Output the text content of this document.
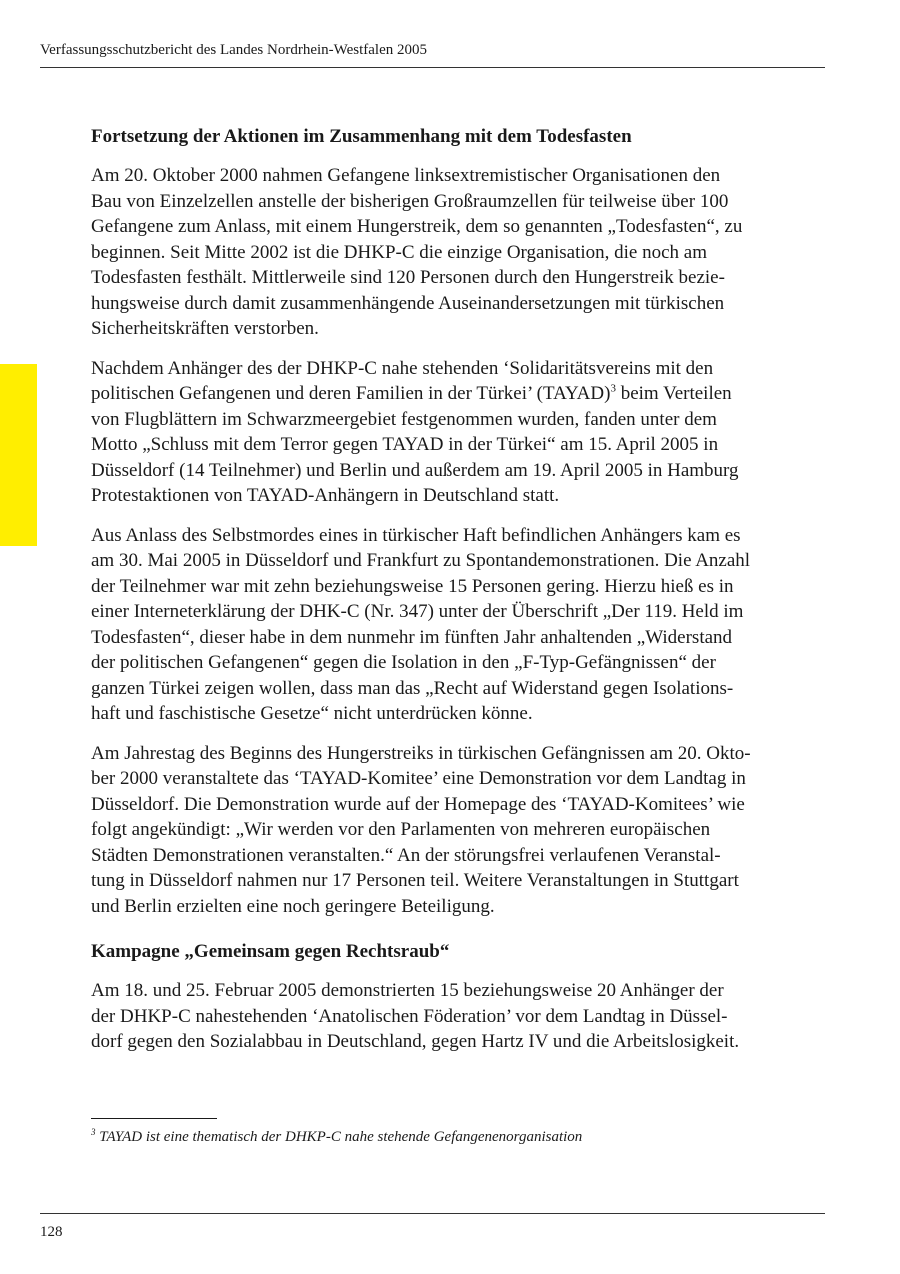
Verfassungsschutzbericht des Landes Nordrhein-Westfalen 2005
Fortsetzung der Aktionen im Zusammenhang mit dem Todesfasten

Am 20. Oktober 2000 nahmen Gefangene linksextremistischer Organisationen den
Bau von Einzelzellen anstelle der bisherigen Großraumzellen für teilweise über 100
Gefangene zum Anlass, mit einem Hungerstreik, dem so genannten „Todesfasten“, zu
beginnen. Seit Mitte 2002 ist die DHKP-C die einzige Organisation, die noch am
Todesfasten festhält. Mittlerweile sind 120 Personen durch den Hungerstreik bezie-
hungsweise durch damit zusammenhängende Auseinandersetzungen mit türkischen
Sicherheitskräften verstorben.

Nachdem Anhänger des der DHKP-C nahe stehenden ‘Solidaritätsvereins mit den
politischen Gefangenen und deren Familien in der Türkei’ (TAYAD)$^3$ beim Verteilen
von Flugblättern im Schwarzmeergebiet festgenommen wurden, fanden unter dem
Motto „Schluss mit dem Terror gegen TAYAD in der Türkei“ am 15. April 2005 in
Düsseldorf (14 Teilnehmer) und Berlin und außerdem am 19. April 2005 in Hamburg
Protestaktionen von TAYAD-Anhängern in Deutschland statt.

Aus Anlass des Selbstmordes eines in türkischer Haft befindlichen Anhängers kam es
am 30. Mai 2005 in Düsseldorf und Frankfurt zu Spontandemonstrationen. Die Anzahl
der Teilnehmer war mit zehn beziehungsweise 15 Personen gering. Hierzu hieß es in
einer Interneterklärung der DHK-C (Nr. 347) unter der Überschrift „Der 119. Held im
Todesfasten“, dieser habe in dem nunmehr im fünften Jahr anhaltenden „Widerstand
der politischen Gefangenen“ gegen die Isolation in den „F-Typ-Gefängnissen“ der
ganzen Türkei zeigen wollen, dass man das „Recht auf Widerstand gegen Isolations-
haft und faschistische Gesetze“ nicht unterdrücken könne.

Am Jahrestag des Beginns des Hungerstreiks in türkischen Gefängnissen am 20. Okto-
ber 2000 veranstaltete das ‘TAYAD-Komitee’ eine Demonstration vor dem Landtag in
Düsseldorf. Die Demonstration wurde auf der Homepage des ‘TAYAD-Komitees’ wie
folgt angekündigt: „Wir werden vor den Parlamenten von mehreren europäischen
Städten Demonstrationen veranstalten.“ An der störungsfrei verlaufenen Veranstal-
tung in Düsseldorf nahmen nur 17 Personen teil. Weitere Veranstaltungen in Stuttgart
und Berlin erzielten eine noch geringere Beteiligung.

Kampagne „Gemeinsam gegen Rechtsraub“

Am 18. und 25. Februar 2005 demonstrierten 15 beziehungsweise 20 Anhänger der
der DHKP-C nahestehenden ‘Anatolischen Föderation’ vor dem Landtag in Düssel-
dorf gegen den Sozialabbau in Deutschland, gegen Hartz IV und die Arbeitslosigkeit.

$^3$ TAYAD ist eine thematisch der DHKP-C nahe stehende Gefangenenorganisation
128
